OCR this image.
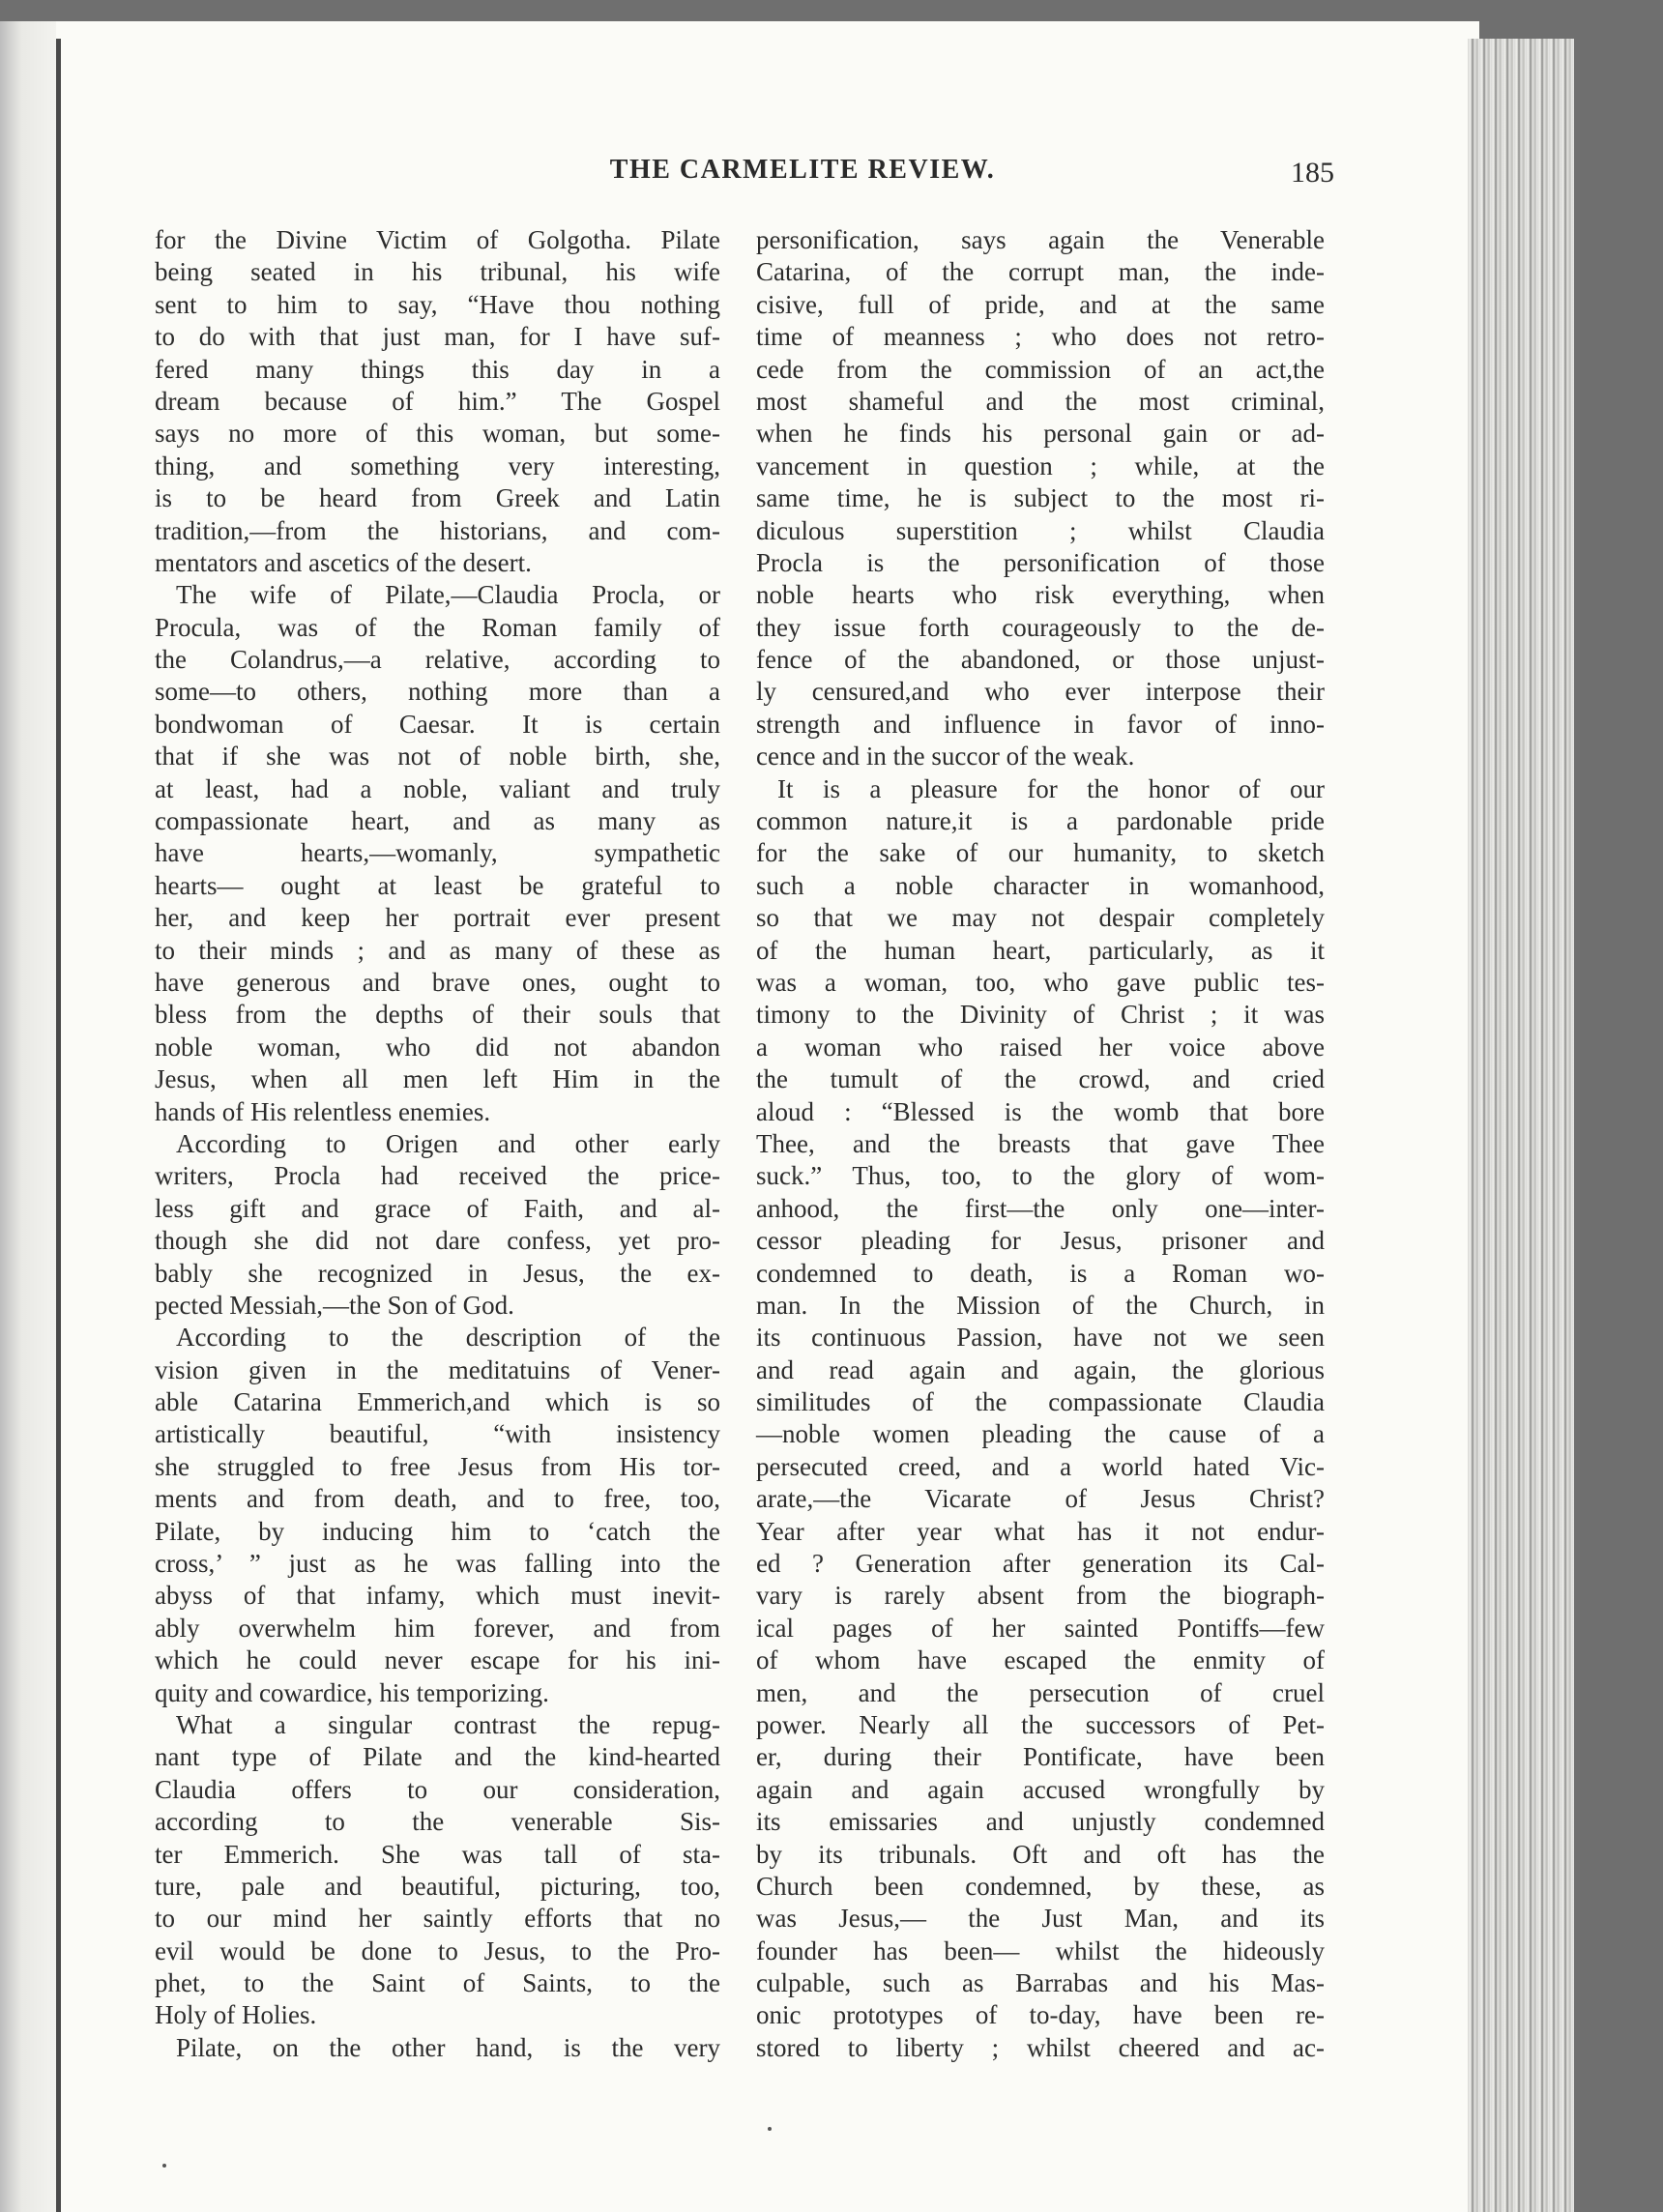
THE CARMELITE REVIEW.	185
for the Divine Victim of Golgotha. Pilate
being seated in his tribunal, his wife
sent to him to say, “Have thou nothing
to do with that just man, for I have suf-
fered many things this day in a
dream because of him.” The Gospel
says no more of this woman, but some-
thing, and something very interesting,
is to be heard from Greek and Latin
tradition,—from the historians, and com-
mentators and ascetics of the desert.
The wife of Pilate,—Claudia Procla, or
Procula, was of the Roman family of
the Colandrus,—a relative, according to
some—to others, nothing more than a
bondwoman of Caesar. It is certain
that if she was not of noble birth, she,
at least, had a noble, valiant and truly
compassionate heart, and as many as
have hearts,—womanly, sympathetic
hearts— ought at least be grateful to
her, and keep her portrait ever present
to their minds ; and as many of these as
have generous and brave ones, ought to
bless from the depths of their souls that
noble woman, who did not abandon
Jesus, when all men left Him in the
hands of His relentless enemies.
According to Origen and other early
writers, Procla had received the price-
less gift and grace of Faith, and al-
though she did not dare confess, yet pro-
bably she recognized in Jesus, the ex-
pected Messiah,—the Son of God.
According to the description of the
vision given in the meditatuins of Vener-
able Catarina Emmerich,and which is so
artistically beautiful, “with insistency
she struggled to free Jesus from His tor-
ments and from death, and to free, too,
Pilate, by inducing him to ‘catch the
cross,’ ” just as he was falling into the
abyss of that infamy, which must inevit-
ably overwhelm him forever, and from
which he could never escape for his ini-
quity and cowardice, his temporizing.
What a singular contrast the repug-
nant type of Pilate and the kind-hearted
Claudia offers to our consideration,
according to the venerable Sis-
ter Emmerich. She was tall of sta-
ture, pale and beautiful, picturing, too,
to our mind her saintly efforts that no
evil would be done to Jesus, to the Pro-
phet, to the Saint of Saints, to the
Holy of Holies.
Pilate, on the other hand, is the very
personification, says again the Venerable
Catarina, of the corrupt man, the inde-
cisive, full of pride, and at the same
time of meanness ; who does not retro-
cede from the commission of an act,the
most shameful and the most criminal,
when he finds his personal gain or ad-
vancement in question ; while, at the
same time, he is subject to the most ri-
diculous superstition ; whilst Claudia
Procla is the personification of those
noble hearts who risk everything, when
they issue forth courageously to the de-
fence of the abandoned, or those unjust-
ly censured,and who ever interpose their
strength and influence in favor of inno-
cence and in the succor of the weak.
It is a pleasure for the honor of our
common nature,it is a pardonable pride
for the sake of our humanity, to sketch
such a noble character in womanhood,
so that we may not despair completely
of the human heart, particularly, as it
was a woman, too, who gave public tes-
timony to the Divinity of Christ ; it was
a woman who raised her voice above
the tumult of the crowd, and cried
aloud : “Blessed is the womb that bore
Thee, and the breasts that gave Thee
suck.” Thus, too, to the glory of wom-
anhood, the first—the only one—inter-
cessor pleading for Jesus, prisoner and
condemned to death, is a Roman wo-
man. In the Mission of the Church, in
its continuous Passion, have not we seen
and read again and again, the glorious
similitudes of the compassionate Claudia
—noble women pleading the cause of a
persecuted creed, and a world hated Vic-
arate,—the Vicarate of Jesus Christ?
Year after year what has it not endur-
ed ? Generation after generation its Cal-
vary is rarely absent from the biograph-
ical pages of her sainted Pontiffs—few
of whom have escaped the enmity of
men, and the persecution of cruel
power. Nearly all the successors of Pet-
er, during their Pontificate, have been
again and again accused wrongfully by
its emissaries and unjustly condemned
by its tribunals. Oft and oft has the
Church been condemned, by these, as
was Jesus,— the Just Man, and its
founder has been— whilst the hideously
culpable, such as Barrabas and his Mas-
onic prototypes of to-day, have been re-
stored to liberty ; whilst cheered and ac-
